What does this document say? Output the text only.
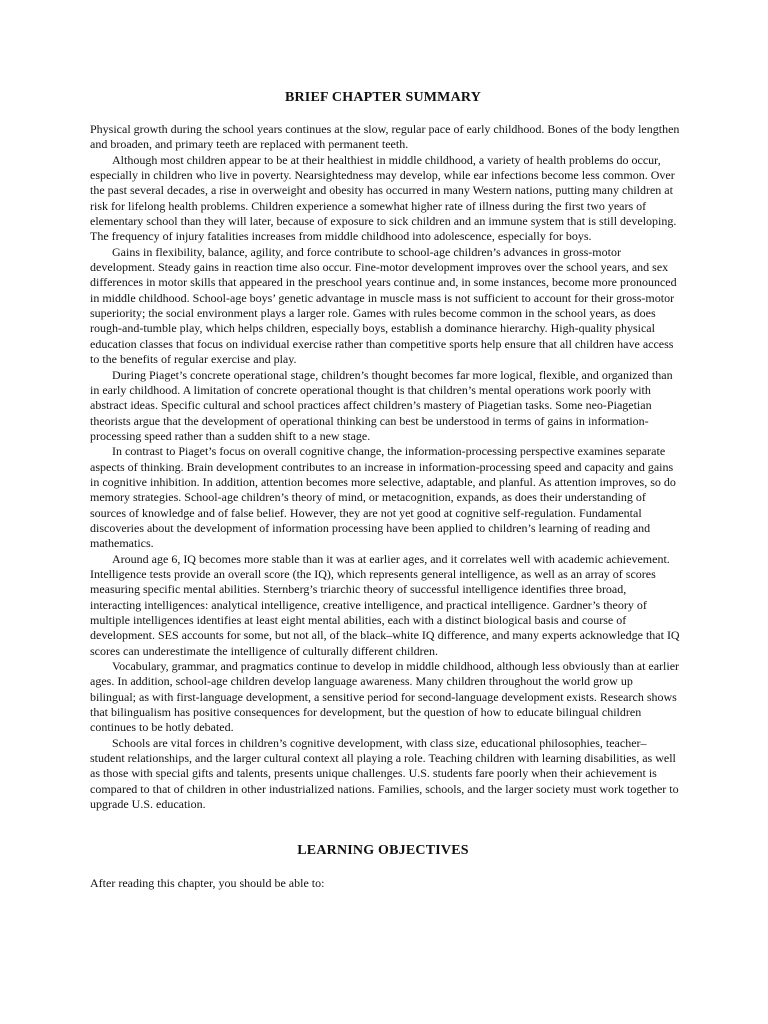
BRIEF CHAPTER SUMMARY

Physical growth during the school years continues at the slow, regular pace of early childhood. Bones of the body lengthen and broaden, and primary teeth are replaced with permanent teeth.

Although most children appear to be at their healthiest in middle childhood, a variety of health problems do occur, especially in children who live in poverty. Nearsightedness may develop, while ear infections become less common. Over the past several decades, a rise in overweight and obesity has occurred in many Western nations, putting many children at risk for lifelong health problems. Children experience a somewhat higher rate of illness during the first two years of elementary school than they will later, because of exposure to sick children and an immune system that is still developing. The frequency of injury fatalities increases from middle childhood into adolescence, especially for boys.

Gains in flexibility, balance, agility, and force contribute to school-age children’s advances in gross-motor development. Steady gains in reaction time also occur. Fine-motor development improves over the school years, and sex differences in motor skills that appeared in the preschool years continue and, in some instances, become more pronounced in middle childhood. School-age boys’ genetic advantage in muscle mass is not sufficient to account for their gross-motor superiority; the social environment plays a larger role. Games with rules become common in the school years, as does rough-and-tumble play, which helps children, especially boys, establish a dominance hierarchy. High-quality physical education classes that focus on individual exercise rather than competitive sports help ensure that all children have access to the benefits of regular exercise and play.

During Piaget’s concrete operational stage, children’s thought becomes far more logical, flexible, and organized than in early childhood. A limitation of concrete operational thought is that children’s mental operations work poorly with abstract ideas. Specific cultural and school practices affect children’s mastery of Piagetian tasks. Some neo-Piagetian theorists argue that the development of operational thinking can best be understood in terms of gains in information-processing speed rather than a sudden shift to a new stage.

In contrast to Piaget’s focus on overall cognitive change, the information-processing perspective examines separate aspects of thinking. Brain development contributes to an increase in information-processing speed and capacity and gains in cognitive inhibition. In addition, attention becomes more selective, adaptable, and planful. As attention improves, so do memory strategies. School-age children’s theory of mind, or metacognition, expands, as does their understanding of sources of knowledge and of false belief. However, they are not yet good at cognitive self-regulation. Fundamental discoveries about the development of information processing have been applied to children’s learning of reading and mathematics.

Around age 6, IQ becomes more stable than it was at earlier ages, and it correlates well with academic achievement. Intelligence tests provide an overall score (the IQ), which represents general intelligence, as well as an array of scores measuring specific mental abilities. Sternberg’s triarchic theory of successful intelligence identifies three broad, interacting intelligences: analytical intelligence, creative intelligence, and practical intelligence. Gardner’s theory of multiple intelligences identifies at least eight mental abilities, each with a distinct biological basis and course of development. SES accounts for some, but not all, of the black–white IQ difference, and many experts acknowledge that IQ scores can underestimate the intelligence of culturally different children.

Vocabulary, grammar, and pragmatics continue to develop in middle childhood, although less obviously than at earlier ages. In addition, school-age children develop language awareness. Many children throughout the world grow up bilingual; as with first-language development, a sensitive period for second-language development exists. Research shows that bilingualism has positive consequences for development, but the question of how to educate bilingual children continues to be hotly debated.

Schools are vital forces in children’s cognitive development, with class size, educational philosophies, teacher–student relationships, and the larger cultural context all playing a role. Teaching children with learning disabilities, as well as those with special gifts and talents, presents unique challenges. U.S. students fare poorly when their achievement is compared to that of children in other industrialized nations. Families, schools, and the larger society must work together to upgrade U.S. education.

LEARNING OBJECTIVES

After reading this chapter, you should be able to:
